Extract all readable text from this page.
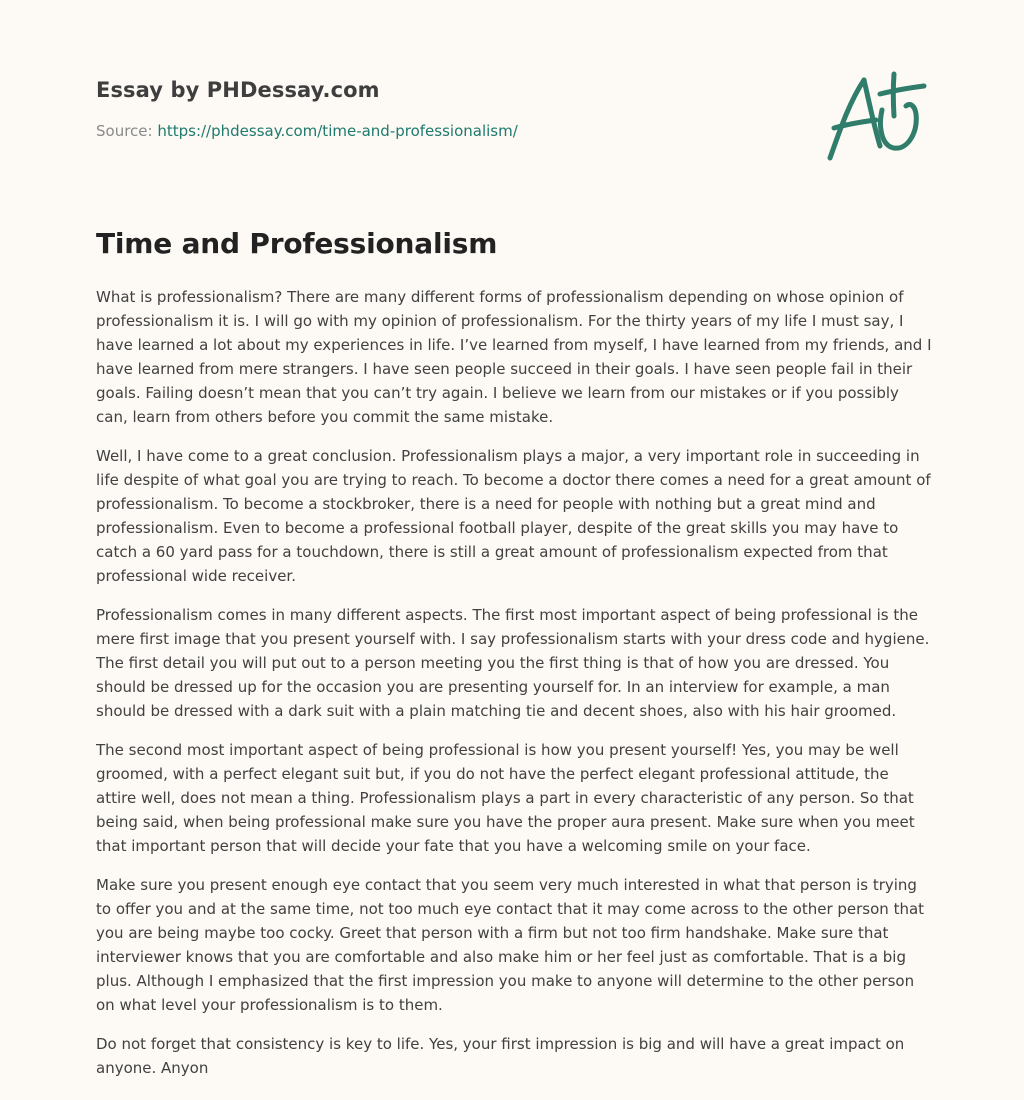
Essay by PHDessay.com
Source: https://phdessay.com/time-and-professionalism/
Time and Professionalism

What is professionalism? There are many different forms of professionalism depending on whose opinion of professionalism it is. I will go with my opinion of professionalism. For the thirty years of my life I must say, I have learned a lot about my experiences in life. I’ve learned from myself, I have learned from my friends, and I have learned from mere strangers. I have seen people succeed in their goals. I have seen people fail in their goals. Failing doesn’t mean that you can’t try again. I believe we learn from our mistakes or if you possibly can, learn from others before you commit the same mistake.

Well, I have come to a great conclusion. Professionalism plays a major, a very important role in succeeding in life despite of what goal you are trying to reach. To become a doctor there comes a need for a great amount of professionalism. To become a stockbroker, there is a need for people with nothing but a great mind and professionalism. Even to become a professional football player, despite of the great skills you may have to catch a 60 yard pass for a touchdown, there is still a great amount of professionalism expected from that professional wide receiver.

Professionalism comes in many different aspects. The first most important aspect of being professional is the mere first image that you present yourself with. I say professionalism starts with your dress code and hygiene. The first detail you will put out to a person meeting you the first thing is that of how you are dressed. You should be dressed up for the occasion you are presenting yourself for. In an interview for example, a man should be dressed with a dark suit with a plain matching tie and decent shoes, also with his hair groomed.

The second most important aspect of being professional is how you present yourself! Yes, you may be well groomed, with a perfect elegant suit but, if you do not have the perfect elegant professional attitude, the attire well, does not mean a thing. Professionalism plays a part in every characteristic of any person. So that being said, when being professional make sure you have the proper aura present. Make sure when you meet that important person that will decide your fate that you have a welcoming smile on your face.

Make sure you present enough eye contact that you seem very much interested in what that person is trying to offer you and at the same time, not too much eye contact that it may come across to the other person that you are being maybe too cocky. Greet that person with a firm but not too firm handshake. Make sure that interviewer knows that you are comfortable and also make him or her feel just as comfortable. That is a big plus. Although I emphasized that the first impression you make to anyone will determine to the other person on what level your professionalism is to them.

Do not forget that consistency is key to life. Yes, your first impression is big and will have a great impact on anyone. Anyon
